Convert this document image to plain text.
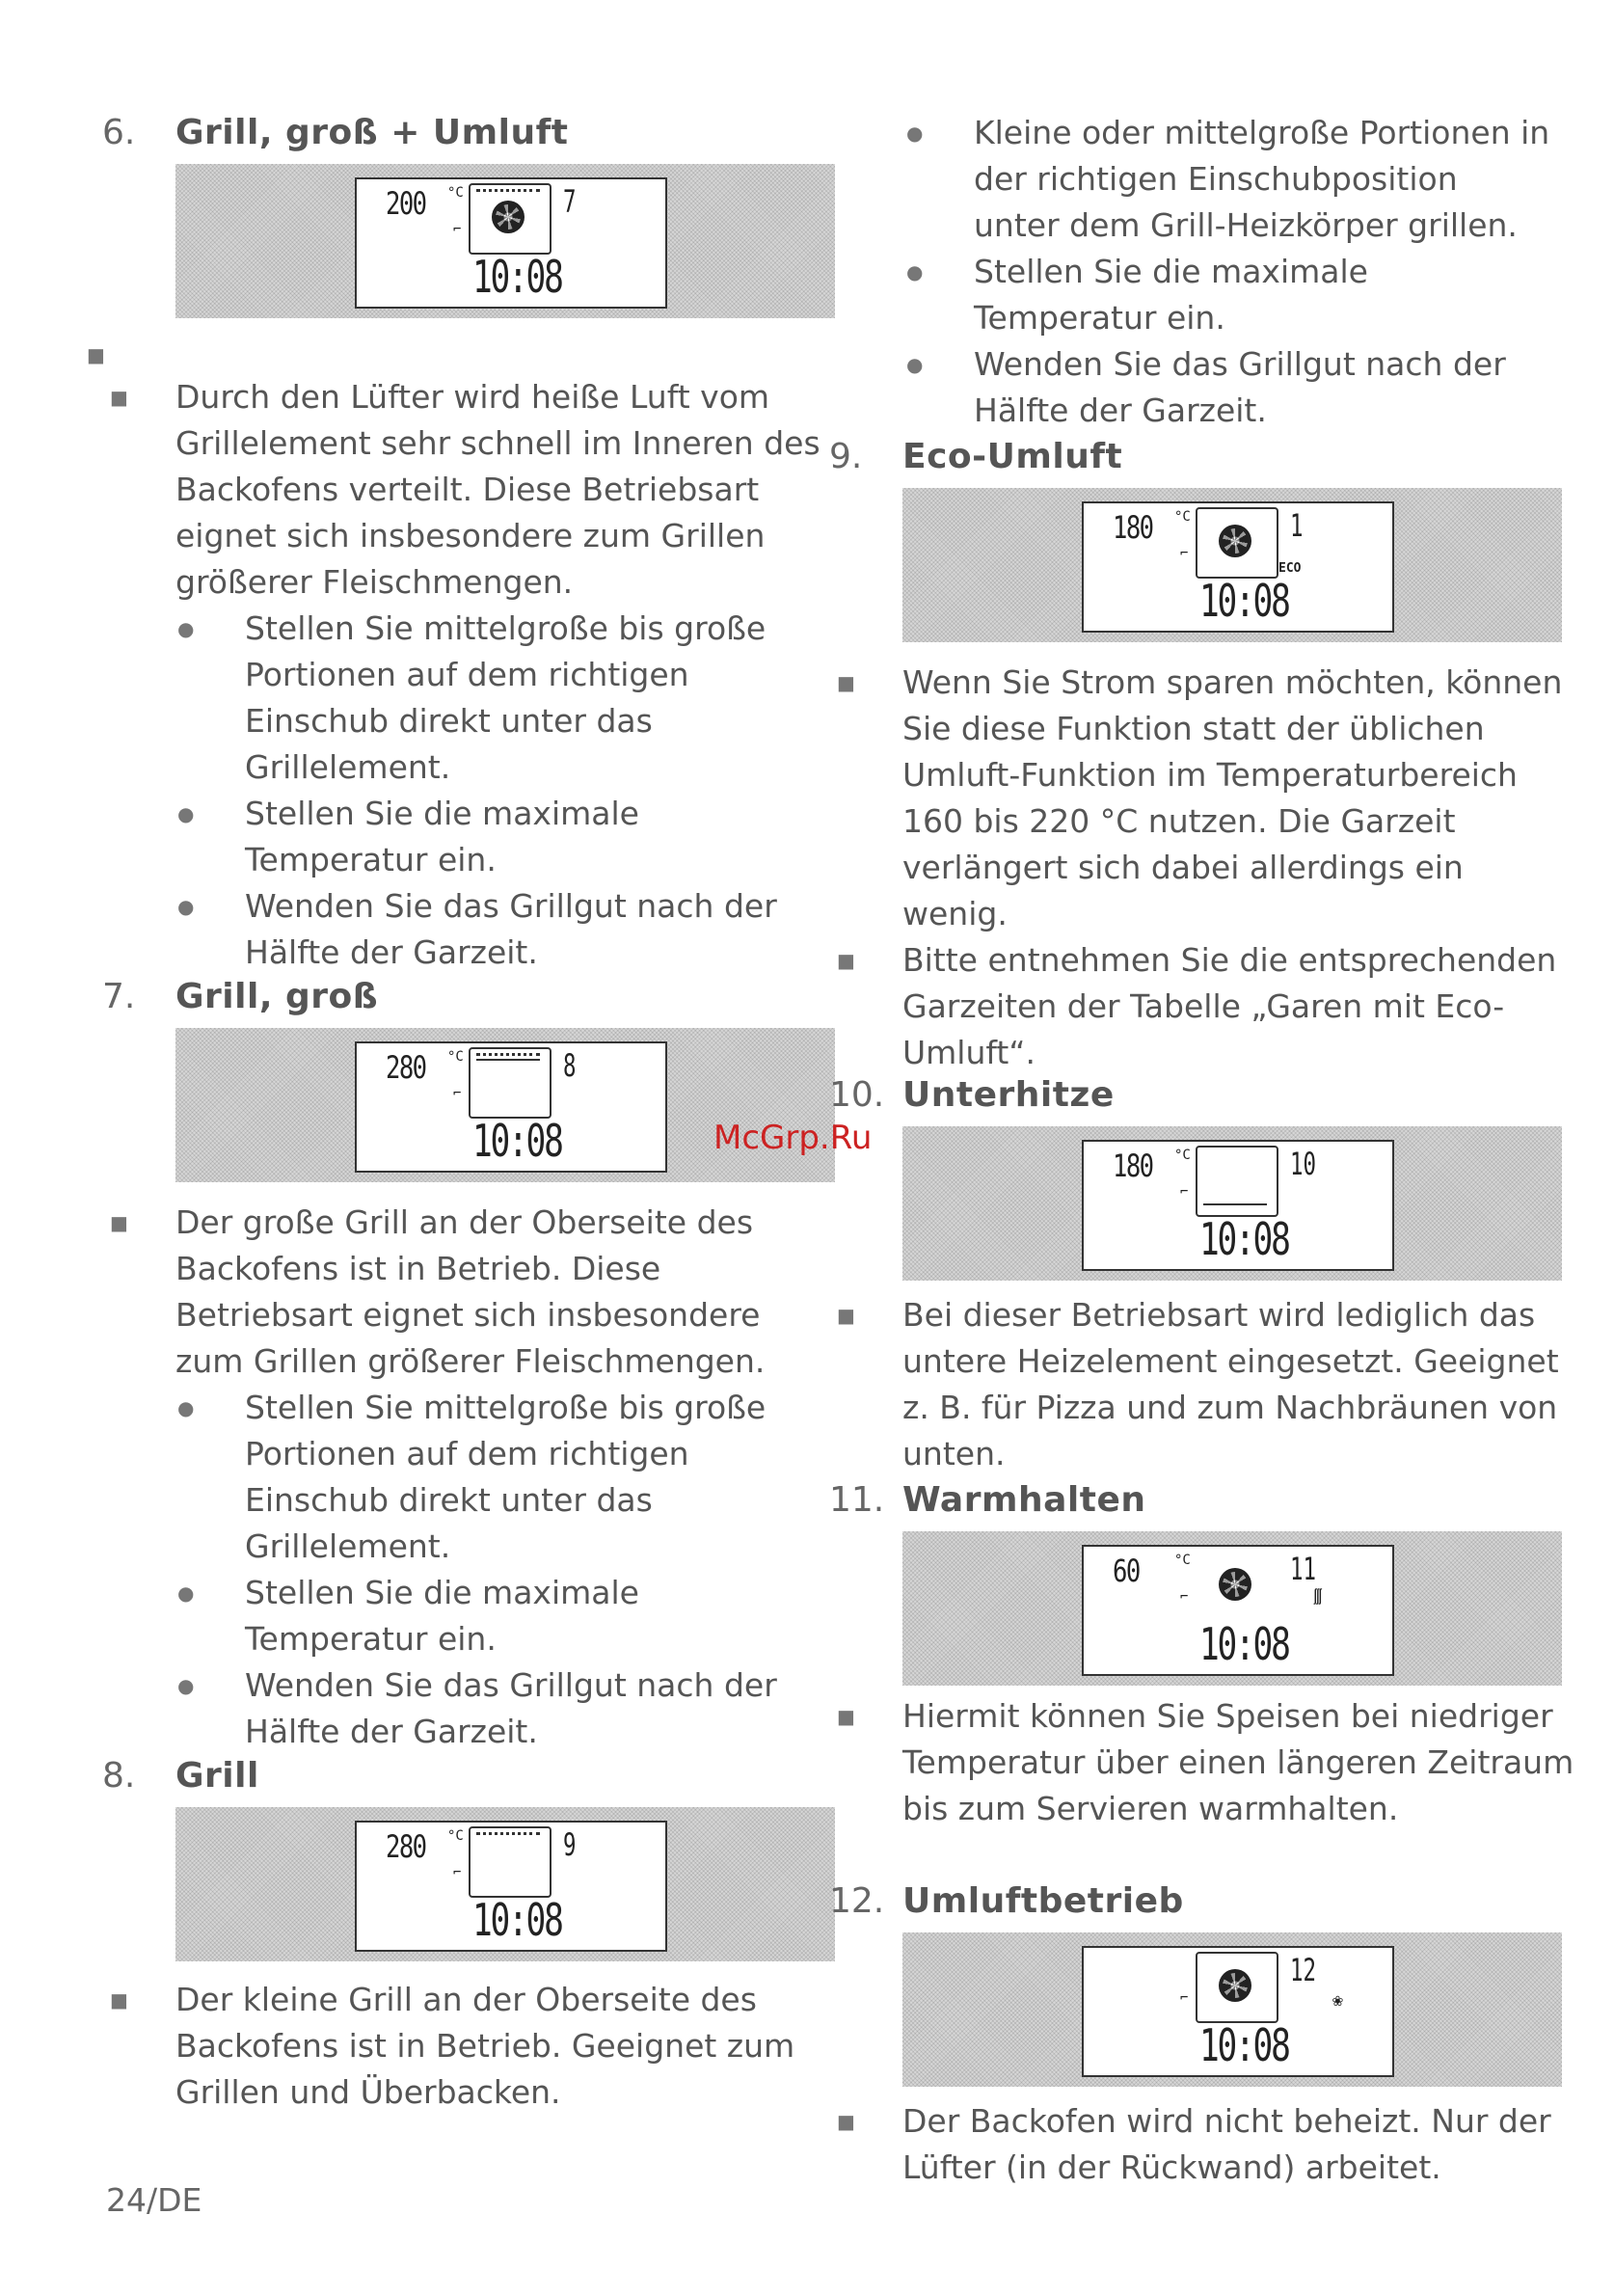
6. Grill, groß + Umluft
200 °C
⌐
7
10:08
■
■ Durch den Lüfter wird heiße Luft vom Grillelement sehr schnell im Inneren des Backofens verteilt. Diese Betriebsart eignet sich insbesondere zum Grillen größerer Fleischmengen.
● Stellen Sie mittelgroße bis große Portionen auf dem richtigen Einschub direkt unter das Grillelement.
● Stellen Sie die maximale Temperatur ein.
● Wenden Sie das Grillgut nach der Hälfte der Garzeit.
7. Grill, groß
280 °C
⌐
8
10:08
■ Der große Grill an der Oberseite des Backofens ist in Betrieb. Diese Betriebsart eignet sich insbesondere zum Grillen größerer Fleischmengen.
● Stellen Sie mittelgroße bis große Portionen auf dem richtigen Einschub direkt unter das Grillelement.
● Stellen Sie die maximale Temperatur ein.
● Wenden Sie das Grillgut nach der Hälfte der Garzeit.
8. Grill
280 °C
⌐
9
10:08
■ Der kleine Grill an der Oberseite des Backofens ist in Betrieb. Geeignet zum Grillen und Überbacken.
● Kleine oder mittelgroße Portionen in der richtigen Einschubposition unter dem Grill-Heizkörper grillen.
● Stellen Sie die maximale Temperatur ein.
● Wenden Sie das Grillgut nach der Hälfte der Garzeit.
9. Eco-Umluft
180 °C
⌐
1
ECO
10:08
■ Wenn Sie Strom sparen möchten, können Sie diese Funktion statt der üblichen Umluft-Funktion im Temperaturbereich 160 bis 220 °C nutzen. Die Garzeit verlängert sich dabei allerdings ein wenig.
■ Bitte entnehmen Sie die entsprechenden Garzeiten der Tabelle „Garen mit Eco-Umluft“.
10. Unterhitze
180 °C
⌐
10
10:08
■ Bei dieser Betriebsart wird lediglich das untere Heizelement eingesetzt. Geeignet z. B. für Pizza und zum Nachbräunen von unten.
11. Warmhalten
60	°C
⌐
11
∭
10:08
■ Hiermit können Sie Speisen bei niedriger Temperatur über einen längeren Zeitraum bis zum Servieren warmhalten.
12. Umluftbetrieb
⌐
12
❀
10:08
■ Der Backofen wird nicht beheizt. Nur der Lüfter (in der Rückwand) arbeitet.
McGrp.Ru
24/DE
